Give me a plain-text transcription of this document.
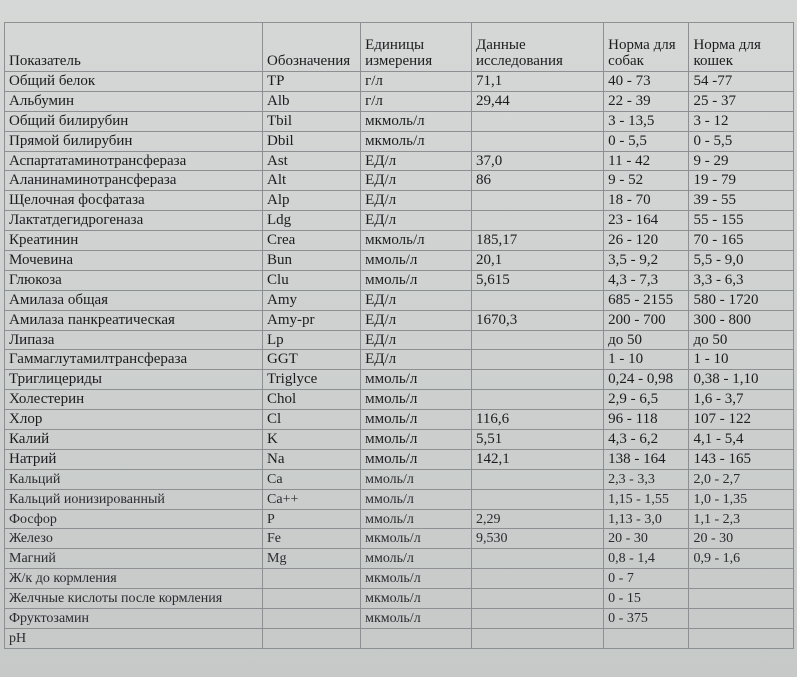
Показатель	Обозначения	Единицы измерения	Данные исследования	Норма для собак	Норма для кошек

Общий белок	TP	г/л	71,1	40 - 73	54 -77
Альбумин	Alb	г/л	29,44	22 - 39	25 - 37
Общий билирубин	Tbil	мкмоль/л		3 - 13,5	3 - 12
Прямой билирубин	Dbil	мкмоль/л		0 - 5,5	0 - 5,5
Аспартатаминотрансфераза	Ast	ЕД/л	37,0	11 - 42	9 - 29
Аланинаминотрансфераза	Alt	ЕД/л	86	9 - 52	19 - 79
Щелочная фосфатаза	Alp	ЕД/л		18 - 70	39 - 55
Лактатдегидрогеназа	Ldg	ЕД/л		23 - 164	55 - 155
Креатинин	Crea	мкмоль/л	185,17	26 - 120	70 - 165
Мочевина	Bun	ммоль/л	20,1	3,5 - 9,2	5,5 - 9,0
Глюкоза	Clu	ммоль/л	5,615	4,3 - 7,3	3,3 - 6,3
Амилаза общая	Amy	ЕД/л		685 - 2155	580 - 1720
Амилаза панкреатическая	Amy-pr	ЕД/л	1670,3	200 - 700	300 - 800
Липаза	Lp	ЕД/л		до 50	до 50
Гаммаглутамилтрансфераза	GGT	ЕД/л		1 - 10	1 - 10
Триглицериды	Triglyce	ммоль/л		0,24 - 0,98	0,38 - 1,10
Холестерин	Chol	ммоль/л		2,9 - 6,5	1,6 - 3,7
Хлор	Cl	ммоль/л	116,6	96 - 118	107 - 122
Калий	K	ммоль/л	5,51	4,3 - 6,2	4,1 - 5,4
Натрий	Na	ммоль/л	142,1	138 - 164	143 - 165
Кальций	Ca	ммоль/л		2,3 - 3,3	2,0 - 2,7
Кальций ионизированный	Ca++	ммоль/л		1,15 - 1,55	1,0 - 1,35
Фосфор	P	ммоль/л	2,29	1,13 - 3,0	1,1 - 2,3
Железо	Fe	мкмоль/л	9,530	20 - 30	20 - 30
Магний	Mg	ммоль/л		0,8 - 1,4	0,9 - 1,6
Ж/к до кормления		мкмоль/л		0 - 7	
Желчные кислоты после кормления		мкмоль/л		0 - 15	
Фруктозамин		мкмоль/л		0 - 375	
pH					
